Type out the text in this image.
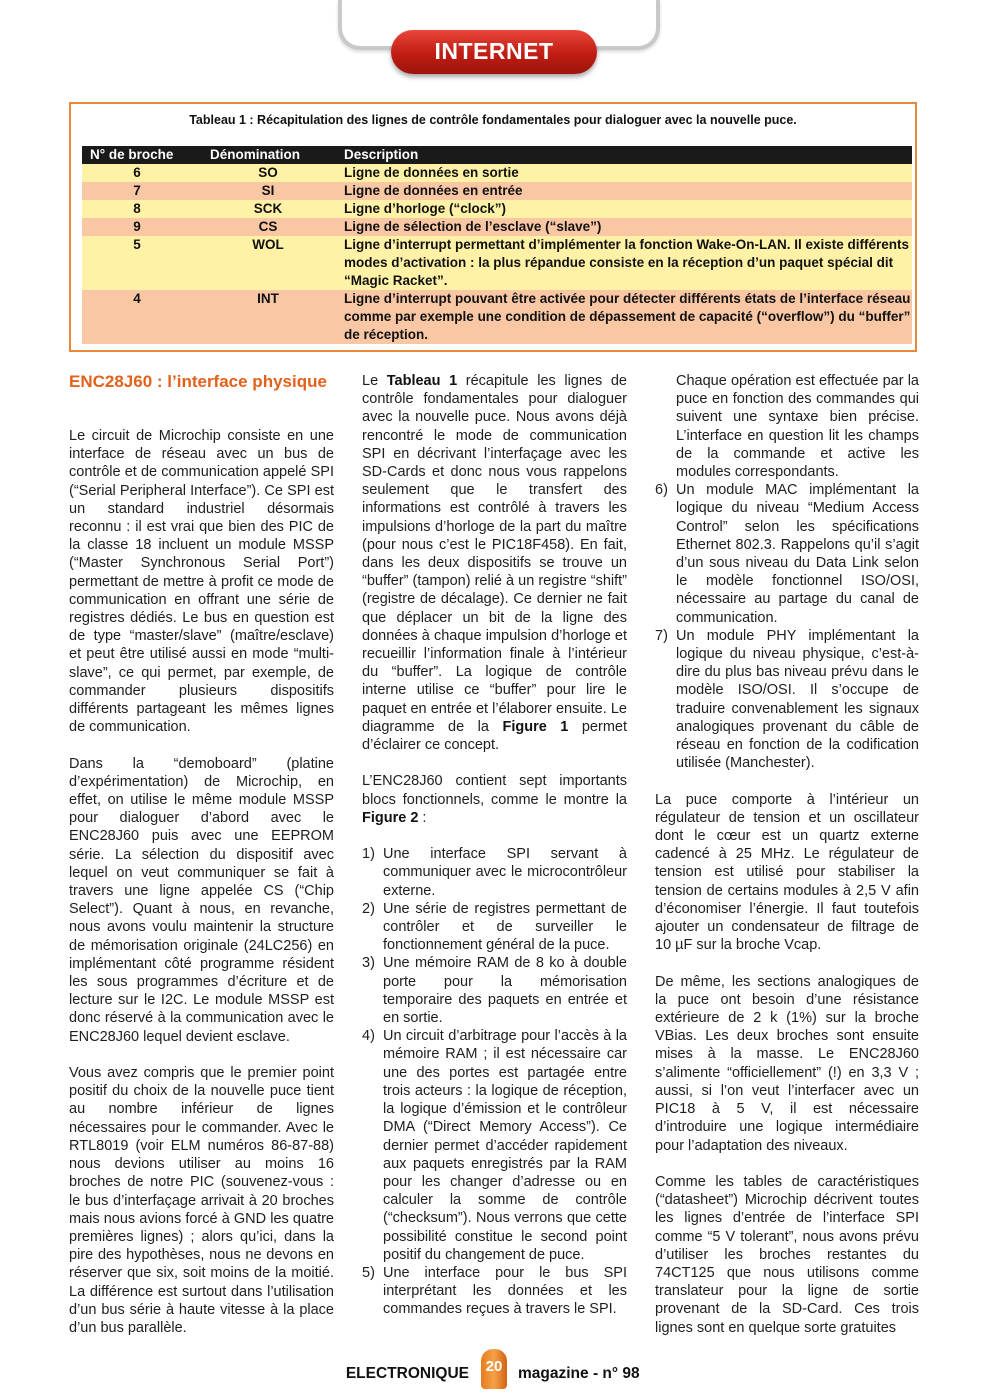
INTERNET
Tableau 1 : Récapitulation des lignes de contrôle fondamentales pour dialoguer avec la nouvelle puce.
N° de broche	Dénomination	Description
6	SO	Ligne de données en sortie
7	SI	Ligne de données en entrée
8	SCK	Ligne d’horloge (“clock”)
9	CS	Ligne de sélection de l’esclave (“slave”)
5	WOL	Ligne d’interrupt permettant d’implémenter la fonction Wake-On-LAN. Il existe différents modes d’activation : la plus répandue consiste en la réception d’un paquet spécial dit “Magic Racket”.
4	INT	Ligne d’interrupt pouvant être activée pour détecter différents états de l’interface réseau comme par exemple une condition de dépassement de capacité (“overflow”) du “buffer” de réception.
ENC28J60 : l’interface physique

Le circuit de Microchip consiste en une interface de réseau avec un bus de contrôle et de communication appelé SPI (“Serial Peripheral Interface”). Ce SPI est un standard industriel désormais reconnu : il est vrai que bien des PIC de la classe 18 incluent un module MSSP (“Master Synchronous Serial Port”) permettant de mettre à profit ce mode de communication en offrant une série de registres dédiés. Le bus en question est de type “master/slave” (maître/esclave) et peut être utilisé aussi en mode “multi-slave”, ce qui permet, par exemple, de commander plusieurs dispositifs différents partageant les mêmes lignes de communication.

Dans la “demoboard” (platine d’expérimentation) de Microchip, en effet, on utilise le même module MSSP pour dialoguer d’abord avec le ENC28J60 puis avec une EEPROM série. La sélection du dispositif avec lequel on veut communiquer se fait à travers une ligne appelée CS (“Chip Select”). Quant à nous, en revanche, nous avons voulu maintenir la structure de mémorisation originale (24LC256) en implémentant côté programme résident les sous programmes d’écriture et de lecture sur le I2C. Le module MSSP est donc réservé à la communication avec le ENC28J60 lequel devient esclave.

Vous avez compris que le premier point positif du choix de la nouvelle puce tient au nombre inférieur de lignes nécessaires pour le commander. Avec le RTL8019 (voir ELM numéros 86-87-88) nous devions utiliser au moins 16 broches de notre PIC (souvenez-vous : le bus d’interfaçage arrivait à 20 broches mais nous avions forcé à GND les quatre premières lignes) ; alors qu’ici, dans la pire des hypothèses, nous ne devons en réserver que six, soit moins de la moitié. La différence est surtout dans l’utilisation d’un bus série à haute vitesse à la place d’un bus parallèle.

Le Tableau 1 récapitule les lignes de contrôle fondamentales pour dialoguer avec la nouvelle puce. Nous avons déjà rencontré le mode de communication SPI en décrivant l’interfaçage avec les SD-Cards et donc nous vous rappelons seulement que le transfert des informations est contrôlé à travers les impulsions d’horloge de la part du maître (pour nous c’est le PIC18F458). En fait, dans les deux dispositifs se trouve un “buffer” (tampon) relié à un registre “shift” (registre de décalage). Ce dernier ne fait que déplacer un bit de la ligne des données à chaque impulsion d’horloge et recueillir l’information finale à l’intérieur du “buffer”. La logique de contrôle interne utilise ce “buffer” pour lire le paquet en entrée et l’élaborer ensuite. Le diagramme de la Figure 1 permet d’éclairer ce concept.

L’ENC28J60 contient sept importants blocs fonctionnels, comme le montre la Figure 2 :

1) Une interface SPI servant à communiquer avec le microcontrôleur externe.
2) Une série de registres permettant de contrôler et de surveiller le fonctionnement général de la puce.
3) Une mémoire RAM de 8 ko à double porte pour la mémorisation temporaire des paquets en entrée et en sortie.
4) Un circuit d’arbitrage pour l’accès à la mémoire RAM ; il est nécessaire car une des portes est partagée entre trois acteurs : la logique de réception, la logique d’émission et le contrôleur DMA (“Direct Memory Access”). Ce dernier permet d’accéder rapidement aux paquets enregistrés par la RAM pour les changer d’adresse ou en calculer la somme de contrôle (“checksum”). Nous verrons que cette possibilité constitue le second point positif du changement de puce.
5) Une interface pour le bus SPI interprétant les données et les commandes reçues à travers le SPI.
Chaque opération est effectuée par la puce en fonction des commandes qui suivent une syntaxe bien précise. L’interface en question lit les champs de la commande et active les modules correspondants.
6) Un module MAC implémentant la logique du niveau “Medium Access Control” selon les spécifications Ethernet 802.3. Rappelons qu’il s’agit d’un sous niveau du Data Link selon le modèle fonctionnel ISO/OSI, nécessaire au partage du canal de communication.
7) Un module PHY implémentant la logique du niveau physique, c’est-à-dire du plus bas niveau prévu dans le modèle ISO/OSI. Il s’occupe de traduire convenablement les signaux analogiques provenant du câble de réseau en fonction de la codification utilisée (Manchester).

La puce comporte à l’intérieur un régulateur de tension et un oscillateur dont le cœur est un quartz externe cadencé à 25 MHz. Le régulateur de tension est utilisé pour stabiliser la tension de certains modules à 2,5 V afin d’économiser l’énergie. Il faut toutefois ajouter un condensateur de filtrage de 10 µF sur la broche Vcap.

De même, les sections analogiques de la puce ont besoin d’une résistance extérieure de 2 k (1%) sur la broche VBias. Les deux broches sont ensuite mises à la masse. Le ENC28J60 s’alimente “officiellement” (!) en 3,3 V ; aussi, si l’on veut l’interfacer avec un PIC18 à 5 V, il est nécessaire d’introduire une logique intermédiaire pour l’adaptation des niveaux.

Comme les tables de caractéristiques (“datasheet”) Microchip décrivent toutes les lignes d’entrée de l’interface SPI comme “5 V tolerant”, nous avons prévu d’utiliser les broches restantes du 74CT125 que nous utilisons comme translateur pour la ligne de sortie provenant de la SD-Card. Ces trois lignes sont en quelque sorte gratuites

ELECTRONIQUE	20	magazine - n° 98
